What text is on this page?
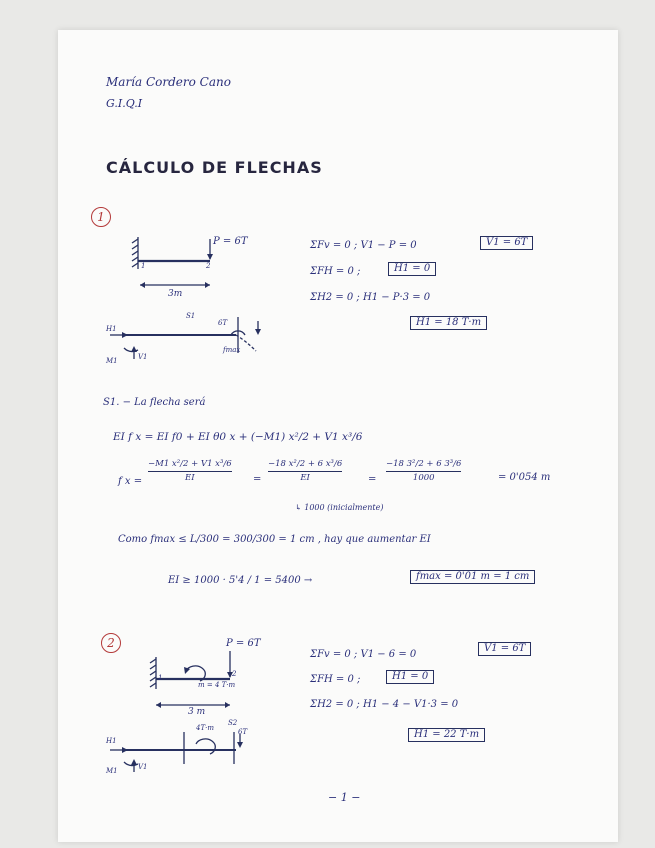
María Cordero Cano
G.I.Q.I
CÁLCULO DE FLECHAS
1
P = 6T
1	2
3m
ΣFv = 0 ; V1 − P = 0	V1 = 6T
ΣFH = 0 ;	H1 = 0
ΣH2 = 0 ; H1 − P·3 = 0
H1 = 18 T·m
H1
M1	V1
S1
6T
fmax
S1. − La flecha será
EI f x = EI f0 + EI θ0 x + (−M1) x²/2 + V1 x³/6
f x =
−M1 x²/2 + V1 x³/6
EI	=
−18 x²/2 + 6 x³/6
EI	=
−18 3²/2 + 6 3³/6
1000	= 0'054 m
↳ 1000 (inicialmente)
Como fmax ≤ L/300 = 300/300 = 1 cm , hay que aumentar EI
EI ≥ 1000 · 5'4 / 1 = 5400 →	fmax = 0'01 m = 1 cm
2	P = 6T
1	2
m = 4 T·m
3 m
ΣFv = 0 ; V1 − 6 = 0
V1 = 6T
ΣFH = 0 ;	H1 = 0
ΣH2 = 0 ; H1 − 4 − V1·3 = 0
H1 = 22 T·m
H1
M1	V1
4T·m
S2
6T
− 1 −
